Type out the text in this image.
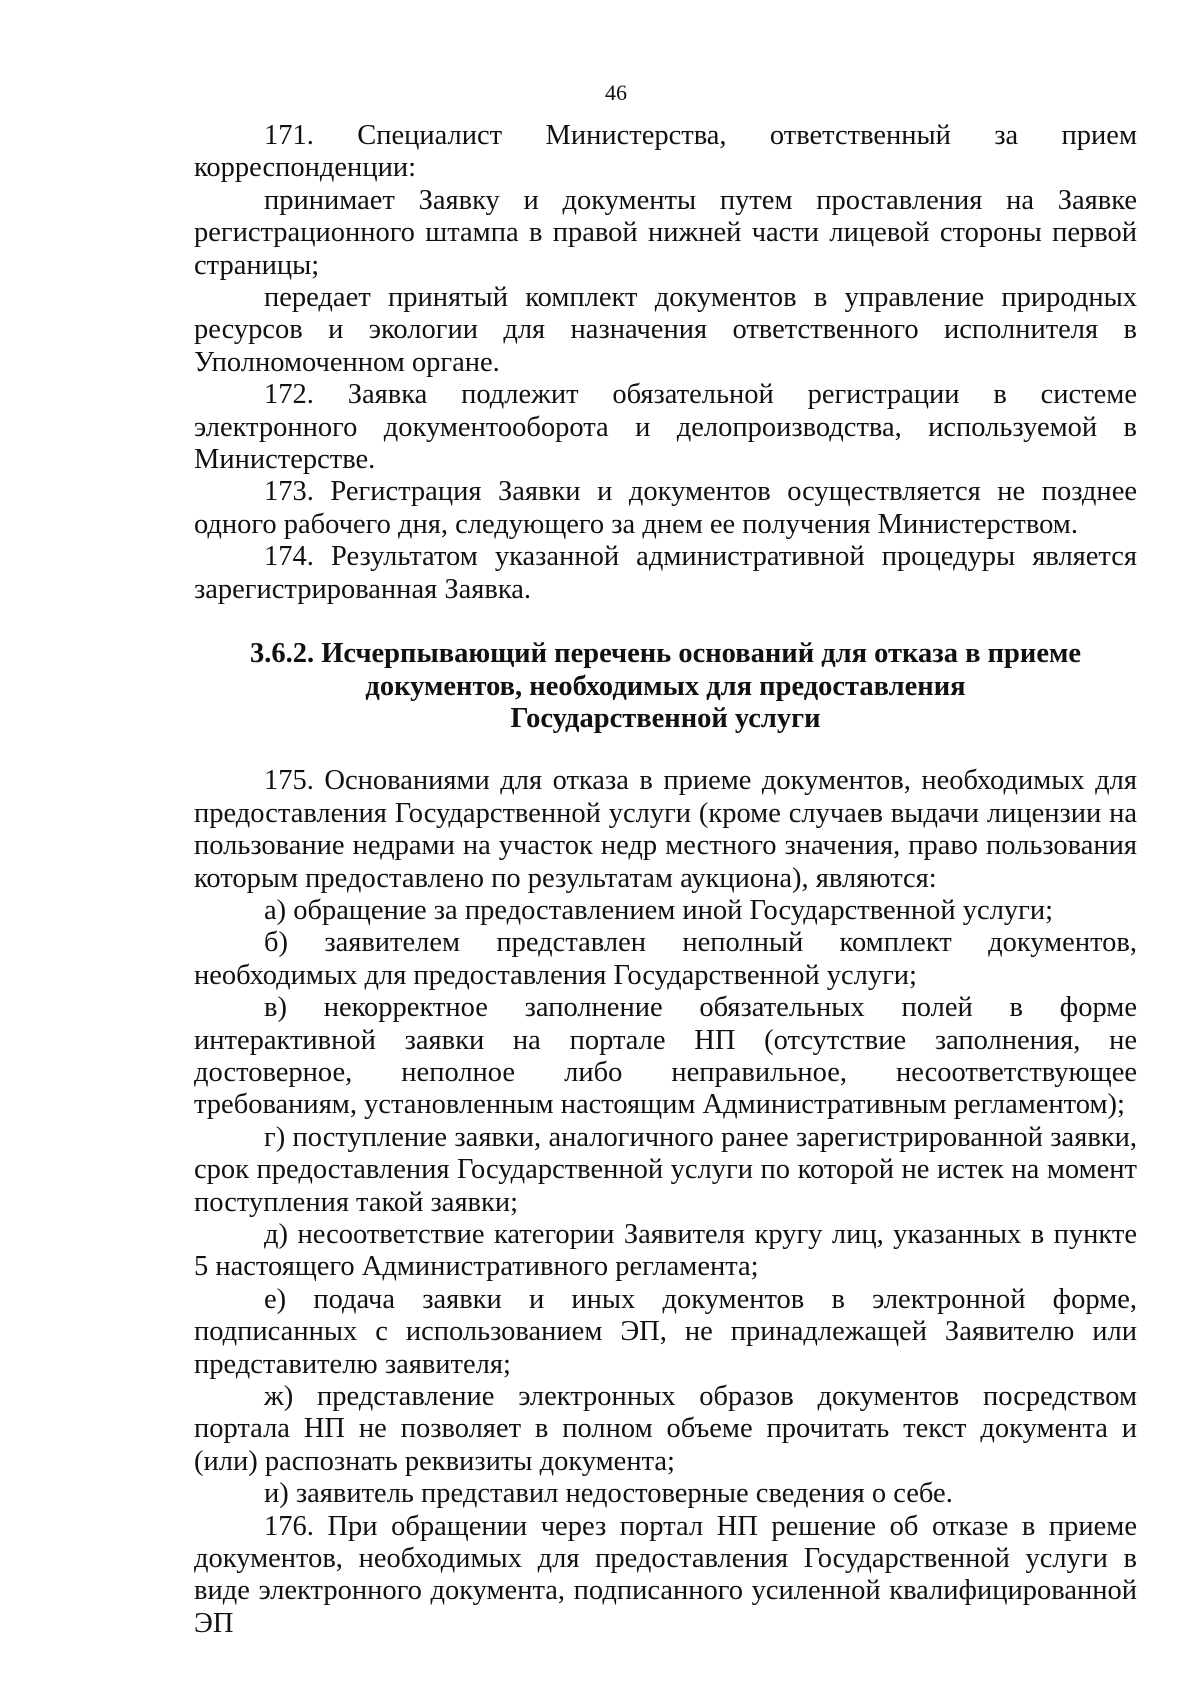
46

171. Специалист Министерства, ответственный за прием корреспонденции:

принимает Заявку и документы путем проставления на Заявке регистрационного штампа в правой нижней части лицевой стороны первой страницы;

передает принятый комплект документов в управление природных ресурсов и экологии для назначения ответственного исполнителя в Уполномоченном органе.

172. Заявка подлежит обязательной регистрации в системе электронного документооборота и делопроизводства, используемой в Министерстве.

173. Регистрация Заявки и документов осуществляется не позднее одного рабочего дня, следующего за днем ее получения Министерством.

174. Результатом указанной административной процедуры является зарегистрированная Заявка.

3.6.2. Исчерпывающий перечень оснований для отказа в приеме
документов, необходимых для предоставления
Государственной услуги

175. Основаниями для отказа в приеме документов, необходимых для предоставления Государственной услуги (кроме случаев выдачи лицензии на пользование недрами на участок недр местного значения, право пользования которым предоставлено по результатам аукциона), являются:

а) обращение за предоставлением иной Государственной услуги;

б) заявителем представлен неполный комплект документов, необходимых для предоставления Государственной услуги;

в) некорректное заполнение обязательных полей в форме интерактивной заявки на портале НП (отсутствие заполнения, не достоверное, неполное либо неправильное, несоответствующее требованиям, установленным настоящим Административным регламентом);

г) поступление заявки, аналогичного ранее зарегистрированной заявки, срок предоставления Государственной услуги по которой не истек на момент поступления такой заявки;

д) несоответствие категории Заявителя кругу лиц, указанных в пункте 5 настоящего Административного регламента;

е) подача заявки и иных документов в электронной форме, подписанных с использованием ЭП, не принадлежащей Заявителю или представителю заявителя;

ж) представление электронных образов документов посредством портала НП не позволяет в полном объеме прочитать текст документа и (или) распознать реквизиты документа;

и) заявитель представил недостоверные сведения о себе.

176. При обращении через портал НП решение об отказе в приеме документов, необходимых для предоставления Государственной услуги в виде электронного документа, подписанного усиленной квалифицированной ЭП
